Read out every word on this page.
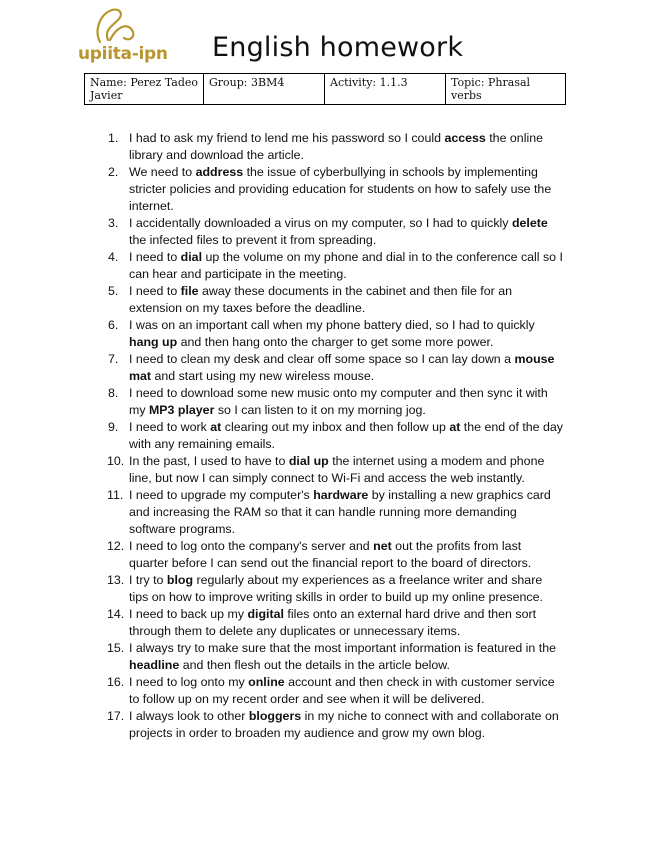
upiita-ipn English homework
Name: Perez Tadeo Javier	Group: 3BM4	Activity: 1.1.3	Topic: Phrasal verbs
1. I had to ask my friend to lend me his password so I could access the online library and download the article.
2. We need to address the issue of cyberbullying in schools by implementing stricter policies and providing education for students on how to safely use the internet.
3. I accidentally downloaded a virus on my computer, so I had to quickly delete the infected files to prevent it from spreading.
4. I need to dial up the volume on my phone and dial in to the conference call so I can hear and participate in the meeting.
5. I need to file away these documents in the cabinet and then file for an extension on my taxes before the deadline.
6. I was on an important call when my phone battery died, so I had to quickly hang up and then hang onto the charger to get some more power.
7. I need to clean my desk and clear off some space so I can lay down a mouse mat and start using my new wireless mouse.
8. I need to download some new music onto my computer and then sync it with my MP3 player so I can listen to it on my morning jog.
9. I need to work at clearing out my inbox and then follow up at the end of the day with any remaining emails.
10. In the past, I used to have to dial up the internet using a modem and phone line, but now I can simply connect to Wi-Fi and access the web instantly.
11. I need to upgrade my computer's hardware by installing a new graphics card and increasing the RAM so that it can handle running more demanding software programs.
12. I need to log onto the company's server and net out the profits from last quarter before I can send out the financial report to the board of directors.
13. I try to blog regularly about my experiences as a freelance writer and share tips on how to improve writing skills in order to build up my online presence.
14. I need to back up my digital files onto an external hard drive and then sort through them to delete any duplicates or unnecessary items.
15. I always try to make sure that the most important information is featured in the headline and then flesh out the details in the article below.
16. I need to log onto my online account and then check in with customer service to follow up on my recent order and see when it will be delivered.
17. I always look to other bloggers in my niche to connect with and collaborate on projects in order to broaden my audience and grow my own blog.
